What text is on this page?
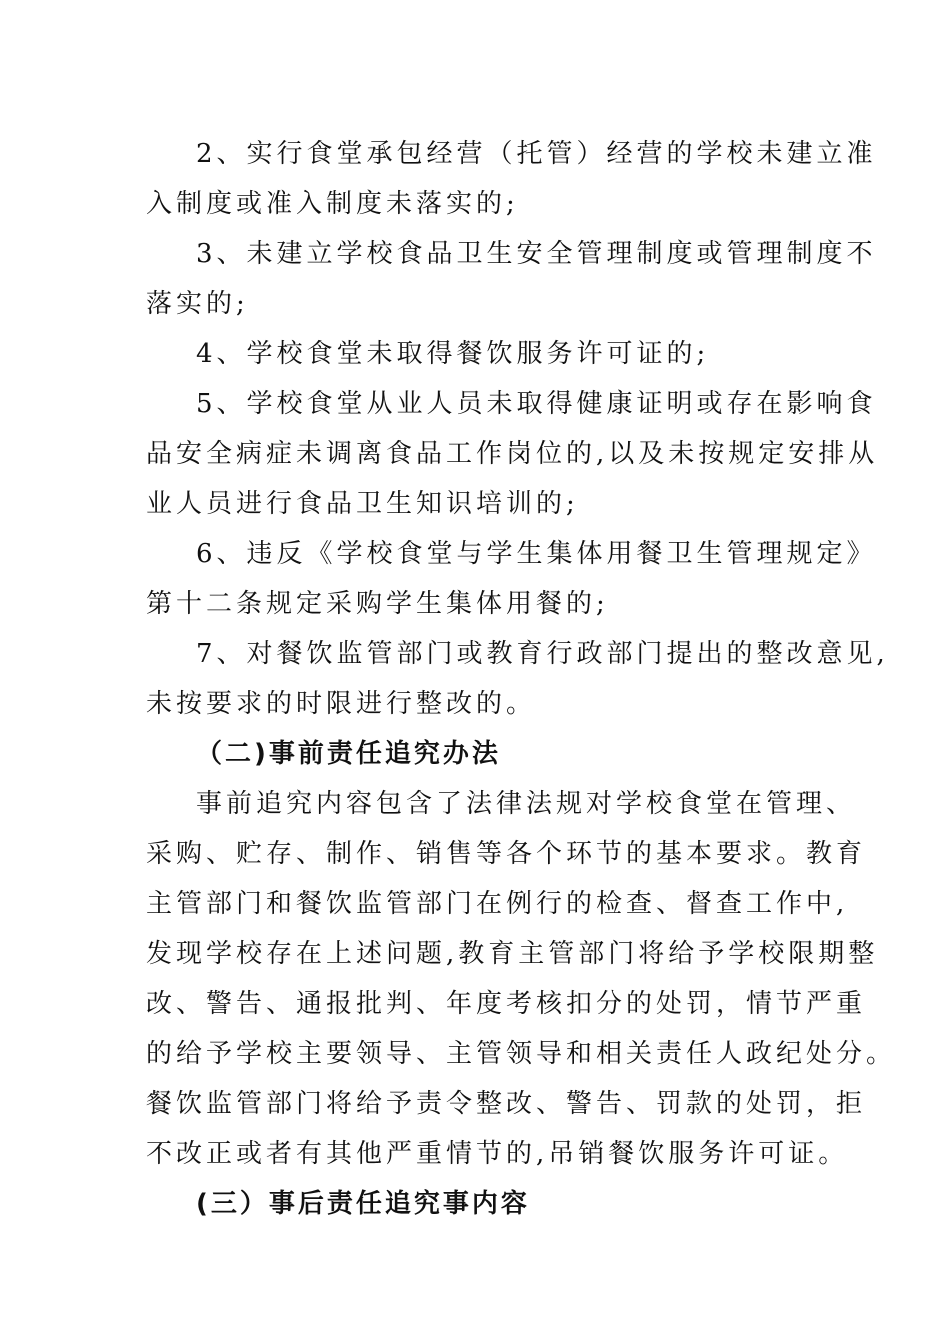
2、实行食堂承包经营（托管）经营的学校未建立准
入制度或准入制度未落实的;
3、未建立学校食品卫生安全管理制度或管理制度不
落实的;
4、学校食堂未取得餐饮服务许可证的;
5、学校食堂从业人员未取得健康证明或存在影响食
品安全病症未调离食品工作岗位的,以及未按规定安排从
业人员进行食品卫生知识培训的;
6、违反《学校食堂与学生集体用餐卫生管理规定》
第十二条规定采购学生集体用餐的;
7、对餐饮监管部门或教育行政部门提出的整改意见,
未按要求的时限进行整改的。
（二)事前责任追究办法
事前追究内容包含了法律法规对学校食堂在管理、
采购、贮存、制作、销售等各个环节的基本要求。教育
主管部门和餐饮监管部门在例行的检查、督查工作中,
发现学校存在上述问题,教育主管部门将给予学校限期整
改、警告、通报批判、年度考核扣分的处罚，情节严重
的给予学校主要领导、主管领导和相关责任人政纪处分。
餐饮监管部门将给予责令整改、警告、罚款的处罚，拒
不改正或者有其他严重情节的,吊销餐饮服务许可证。
(三）事后责任追究事内容
